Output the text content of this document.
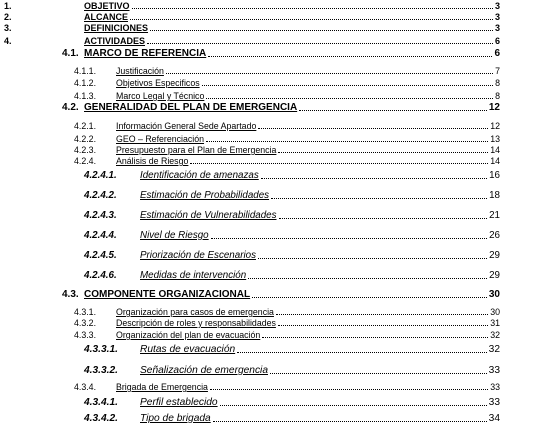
1.	OBJETIVO	3
2.	ALCANCE	3
3.	DEFINICIONES	3
4.	ACTIVIDADES	6
4.1. MARCO DE REFERENCIA	6
4.1.1. Justificación	7
4.1.2. Objetivos Especificos	8
4.1.3. Marco Legal y Técnico	8
4.2. GENERALIDAD DEL PLAN DE EMERGENCIA	12
4.2.1. Información General Sede Apartado	12
4.2.2. GEO – Referenciación	13
4.2.3. Presupuesto para el Plan de Emergencia	14
4.2.4. Análisis de Riesgo	14
4.2.4.1. Identificación de amenazas	16
4.2.4.2. Estimación de Probabilidades	18
4.2.4.3. Estimación de Vulnerabilidades	21
4.2.4.4. Nivel de Riesgo	26
4.2.4.5. Priorización de Escenarios	29
4.2.4.6. Medidas de intervención	29
4.3. COMPONENTE ORGANIZACIONAL	30
4.3.1. Organización para casos de emergencia	30
4.3.2. Descripción de roles y responsabilidades	31
4.3.3. Organización del plan de evacuación	32
4.3.3.1. Rutas de evacuación	32
4.3.3.2. Señalización de emergencia	33
4.3.4. Brigada de Emergencia	33
4.3.4.1. Perfil establecido	33
4.3.4.2. Tipo de brigada	34
